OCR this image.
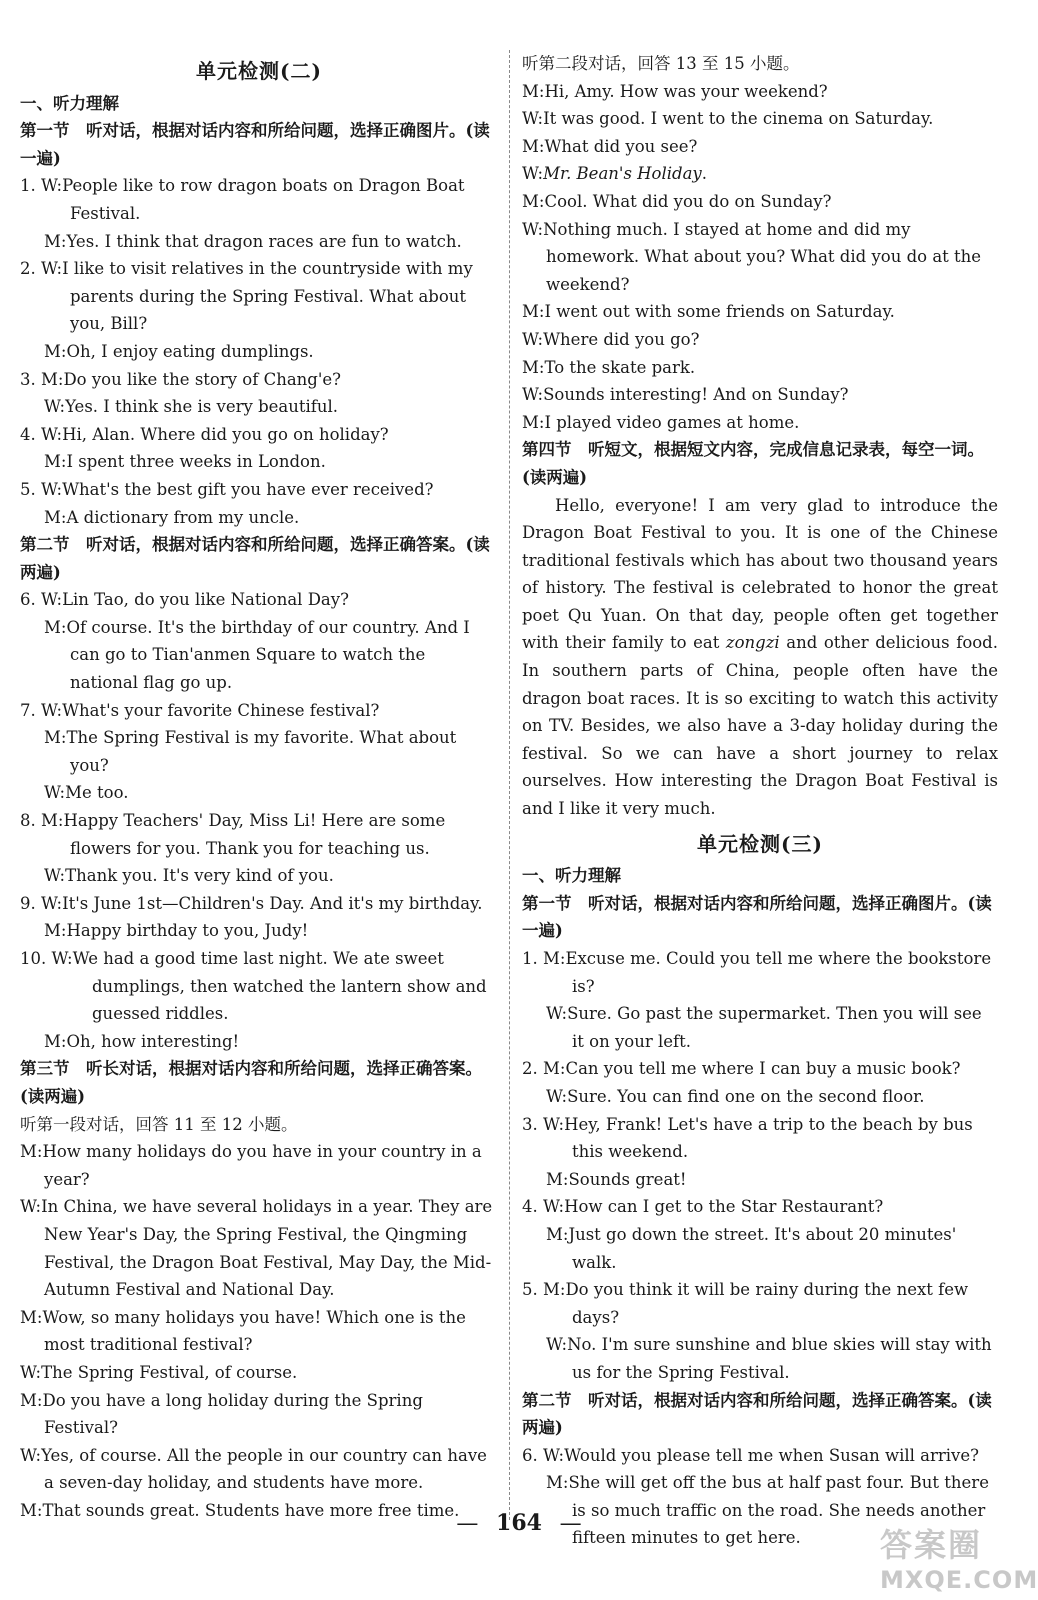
单元检测(二)
一、听力理解
第一节　听对话，根据对话内容和所给问题，选择正确图片。(读一遍)
1. W:People like to row dragon boats on Dragon Boat Festival.
M:Yes. I think that dragon races are fun to watch.
2. W:I like to visit relatives in the countryside with my parents during the Spring Festival. What about you, Bill?
M:Oh, I enjoy eating dumplings.
3. M:Do you like the story of Chang'e?
W:Yes. I think she is very beautiful.
4. W:Hi, Alan. Where did you go on holiday?
M:I spent three weeks in London.
5. W:What's the best gift you have ever received?
M:A dictionary from my uncle.
第二节　听对话，根据对话内容和所给问题，选择正确答案。(读两遍)
6. W:Lin Tao, do you like National Day?
M:Of course. It's the birthday of our country. And I can go to Tian'anmen Square to watch the national flag go up.
7. W:What's your favorite Chinese festival?
M:The Spring Festival is my favorite. What about you?
W:Me too.
8. M:Happy Teachers' Day, Miss Li! Here are some flowers for you. Thank you for teaching us.
W:Thank you. It's very kind of you.
9. W:It's June 1st—Children's Day. And it's my birthday.
M:Happy birthday to you, Judy!
10. W:We had a good time last night. We ate sweet dumplings, then watched the lantern show and guessed riddles.
M:Oh, how interesting!
第三节　听长对话，根据对话内容和所给问题，选择正确答案。(读两遍)
听第一段对话，回答 11 至 12 小题。
M:How many holidays do you have in your country in a year?
W:In China, we have several holidays in a year. They are New Year's Day, the Spring Festival, the Qingming Festival, the Dragon Boat Festival, May Day, the Mid-Autumn Festival and National Day.
M:Wow, so many holidays you have! Which one is the most traditional festival?
W:The Spring Festival, of course.
M:Do you have a long holiday during the Spring Festival?
W:Yes, of course. All the people in our country can have a seven-day holiday, and students have more.
M:That sounds great. Students have more free time.
听第二段对话，回答 13 至 15 小题。
M:Hi, Amy. How was your weekend?
W:It was good. I went to the cinema on Saturday.
M:What did you see?
W:Mr. Bean's Holiday.
M:Cool. What did you do on Sunday?
W:Nothing much. I stayed at home and did my homework. What about you? What did you do at the weekend?
M:I went out with some friends on Saturday.
W:Where did you go?
M:To the skate park.
W:Sounds interesting! And on Sunday?
M:I played video games at home.
第四节　听短文，根据短文内容，完成信息记录表，每空一词。(读两遍)
Hello, everyone! I am very glad to introduce the Dragon Boat Festival to you. It is one of the Chinese traditional festivals which has about two thousand years of history. The festival is celebrated to honor the great poet Qu Yuan. On that day, people often get together with their family to eat zongzi and other delicious food. In southern parts of China, people often have the dragon boat races. It is so exciting to watch this activity on TV. Besides, we also have a 3-day holiday during the festival. So we can have a short journey to relax ourselves. How interesting the Dragon Boat Festival is and I like it very much.
单元检测(三)
一、听力理解
第一节　听对话，根据对话内容和所给问题，选择正确图片。(读一遍)
1. M:Excuse me. Could you tell me where the bookstore is?
W:Sure. Go past the supermarket. Then you will see it on your left.
2. M:Can you tell me where I can buy a music book?
W:Sure. You can find one on the second floor.
3. W:Hey, Frank! Let's have a trip to the beach by bus this weekend.
M:Sounds great!
4. W:How can I get to the Star Restaurant?
M:Just go down the street. It's about 20 minutes' walk.
5. M:Do you think it will be rainy during the next few days?
W:No. I'm sure sunshine and blue skies will stay with us for the Spring Festival.
第二节　听对话，根据对话内容和所给问题，选择正确答案。(读两遍)
6. W:Would you please tell me when Susan will arrive?
M:She will get off the bus at half past four. But there is so much traffic on the road. She needs another fifteen minutes to get here.
— 164 —
答案圈
MXQE.COM
